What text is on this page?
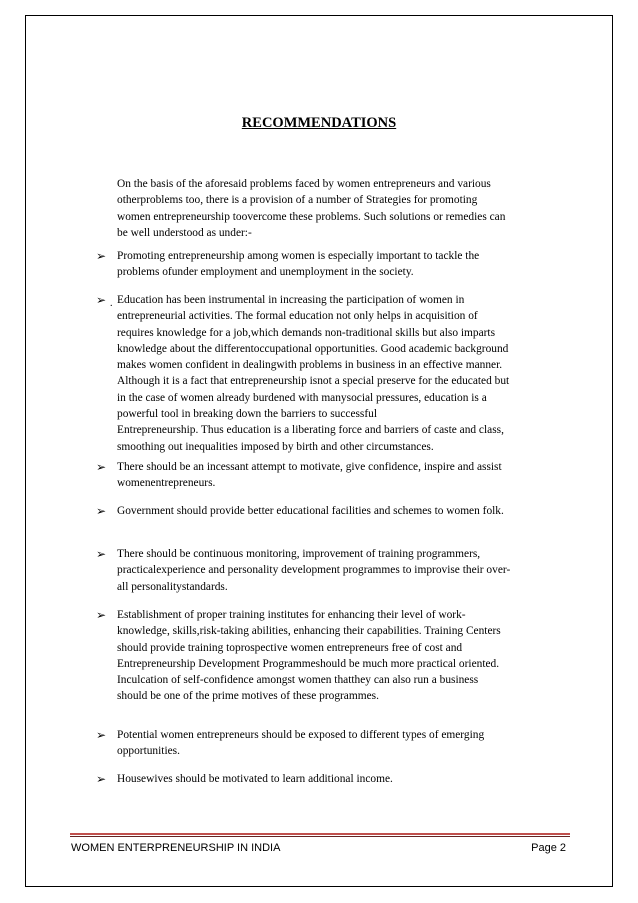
RECOMMENDATIONS
On the basis of the aforesaid problems faced by women entrepreneurs and various
otherproblems too, there is a provision of a number of Strategies for promoting
women entrepreneurship toovercome these problems. Such solutions or remedies can
be well understood as under:-
➢ Promoting entrepreneurship among women is especially important to tackle the
problems ofunder employment and unemployment in the society.
➢ . Education has been instrumental in increasing the participation of women in
entrepreneurial activities. The formal education not only helps in acquisition of
requires knowledge for a job,which demands non-traditional skills but also imparts
knowledge about the differentoccupational opportunities. Good academic background
makes women confident in dealingwith problems in business in an effective manner.
Although it is a fact that entrepreneurship isnot a special preserve for the educated but
in the case of women already burdened with manysocial pressures, education is a
powerful tool in breaking down the barriers to successful
Entrepreneurship. Thus education is a liberating force and barriers of caste and class,
smoothing out inequalities imposed by birth and other circumstances.
➢ There should be an incessant attempt to motivate, give confidence, inspire and assist
womenentrepreneurs.
➢ Government should provide better educational facilities and schemes to women folk.
➢ There should be continuous monitoring, improvement of training programmers,
practicalexperience and personality development programmes to improvise their over-
all personalitystandards.
➢ Establishment of proper training institutes for enhancing their level of work-
knowledge, skills,risk-taking abilities, enhancing their capabilities. Training Centers
should provide training toprospective women entrepreneurs free of cost and
Entrepreneurship Development Programmeshould be much more practical oriented.
Inculcation of self-confidence amongst women thatthey can also run a business
should be one of the prime motives of these programmes.
➢ Potential women entrepreneurs should be exposed to different types of emerging
opportunities.
➢ Housewives should be motivated to learn additional income.
WOMEN ENTERPRENEURSHIP IN INDIA	Page 2
